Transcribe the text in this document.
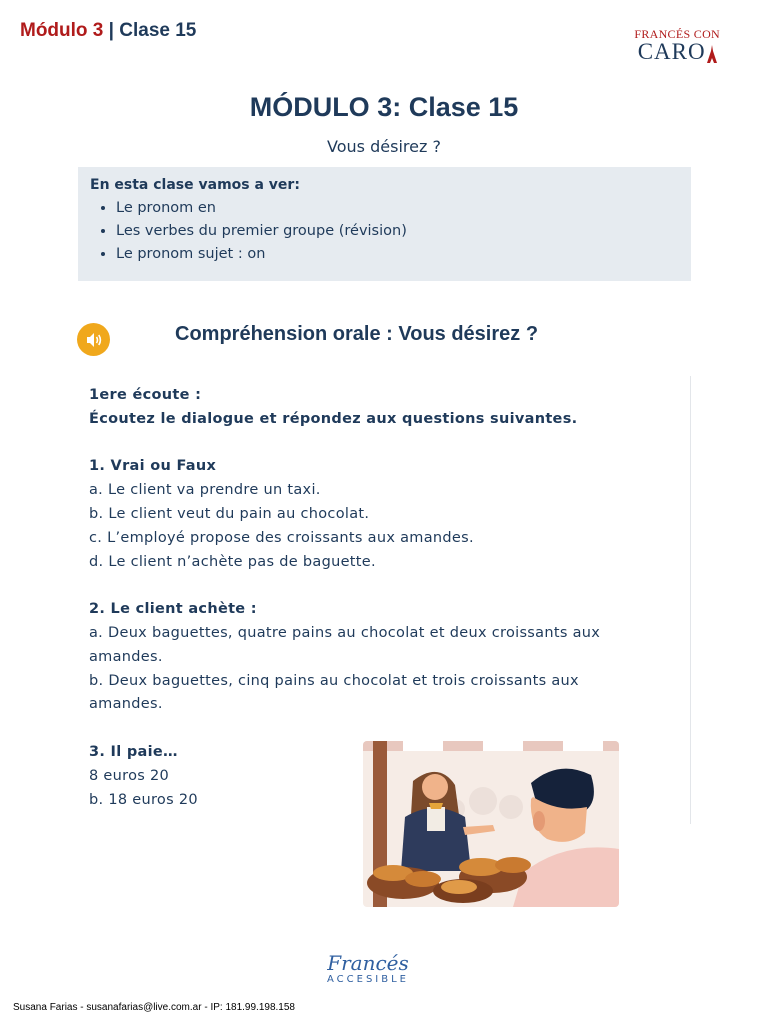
Módulo 3 | Clase 15	FRANCÉS CON
CARO
MÓDULO 3: Clase 15
Vous désirez ?
En esta clase vamos a ver:
• Le pronom en
• Les verbes du premier groupe (révision)
• Le pronom sujet : on
Compréhension orale : Vous désirez ?

1ere écoute :

Écoutez le dialogue et répondez aux questions suivantes.

1. Vrai ou Faux

a. Le client va prendre un taxi.

b. Le client veut du pain au chocolat.

c. L’employé propose des croissants aux amandes.

d. Le client n’achète pas de baguette.

2. Le client achète :

a. Deux baguettes, quatre pains au chocolat et deux croissants aux amandes.

b. Deux baguettes, cinq pains au chocolat et trois croissants aux amandes.

3. Il paie…

8 euros 20

b. 18 euros 20

Francés
ACCESIBLE
Susana Farias - susanafarias@live.com.ar - IP: 181.99.198.158
